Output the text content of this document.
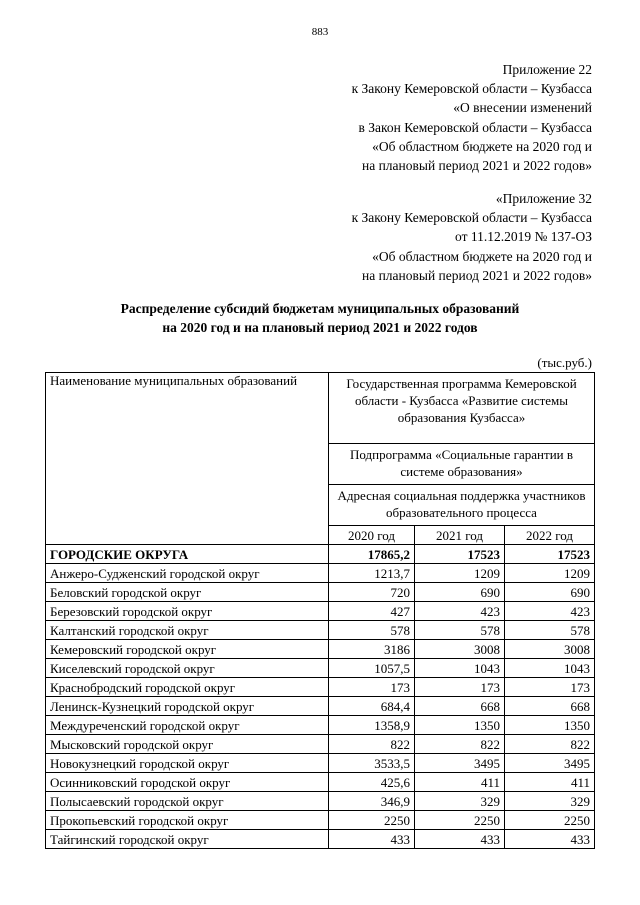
883
Приложение 22
к Закону Кемеровской области – Кузбасса
«О внесении изменений
в Закон Кемеровской области – Кузбасса
«Об областном бюджете на 2020 год и
на плановый период 2021 и 2022 годов»
«Приложение 32
к Закону Кемеровской области – Кузбасса
от 11.12.2019 № 137-ОЗ
«Об областном бюджете на 2020 год и
на плановый период 2021 и 2022 годов»
Распределение субсидий бюджетам муниципальных образований
на 2020 год и на плановый период 2021 и 2022 годов
(тыс.руб.)
Наименование муниципальных образований	Государственная программа Кемеровской области - Кузбасса «Развитие системы образования Кузбасса»		
	Подпрограмма «Социальные гарантии в системе образования»		
	Адресная социальная поддержка участников образовательного процесса		
	2020 год	2021 год	2022 год
ГОРОДСКИЕ ОКРУГА	17865,2	17523	17523
Анжеро-Судженский городской округ	1213,7	1209	1209
Беловский городской округ	720	690	690
Березовский городской округ	427	423	423
Калтанский городской округ	578	578	578
Кемеровский городской округ	3186	3008	3008
Киселевский городской округ	1057,5	1043	1043
Краснобродский городской округ	173	173	173
Ленинск-Кузнецкий городской округ	684,4	668	668
Междуреченский городской округ	1358,9	1350	1350
Мысковский городской округ	822	822	822
Новокузнецкий городской округ	3533,5	3495	3495
Осинниковский городской округ	425,6	411	411
Полысаевский городской округ	346,9	329	329
Прокопьевский городской округ	2250	2250	2250
Тайгинский городской округ	433	433	433
